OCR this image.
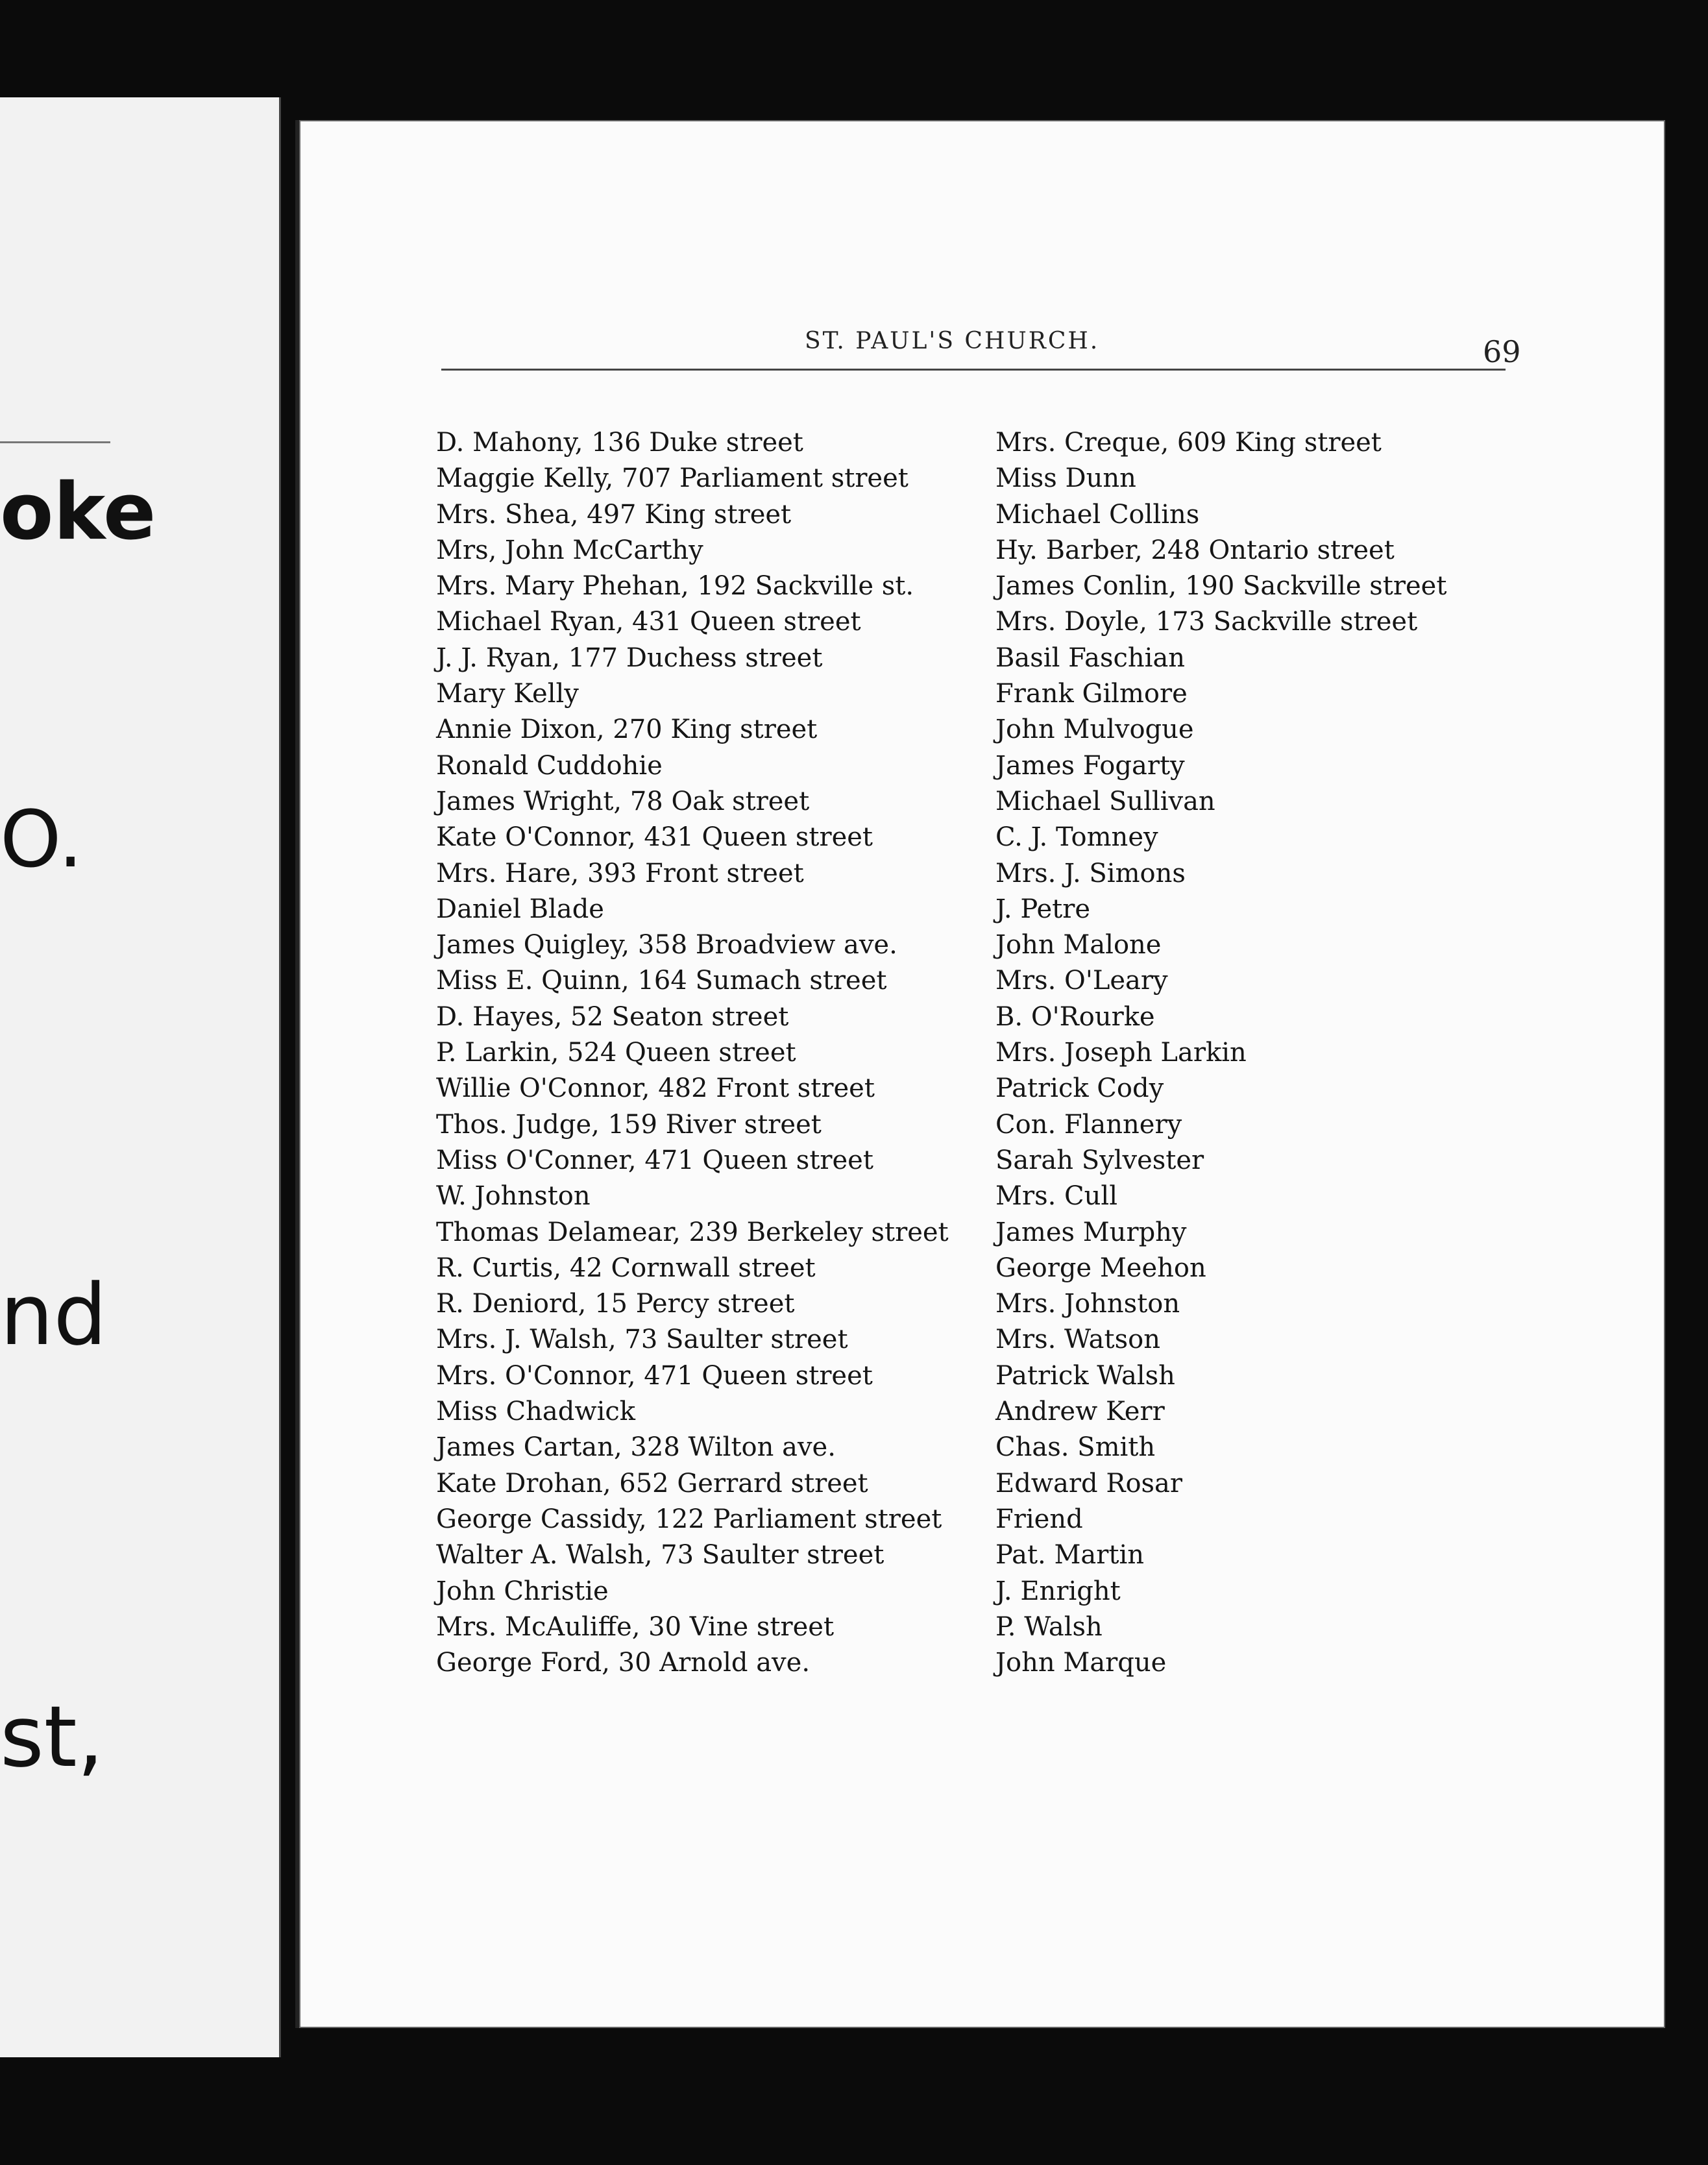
oke
O.
nd
st,
ST. PAUL'S CHURCH.	69
D. Mahony, 136 Duke street
Maggie Kelly, 707 Parliament street
Mrs. Shea, 497 King street
Mrs, John McCarthy
Mrs. Mary Phehan, 192 Sackville st.
Michael Ryan, 431 Queen street
J. J. Ryan, 177 Duchess street
Mary Kelly
Annie Dixon, 270 King street
Ronald Cuddohie
James Wright, 78 Oak street
Kate O'Connor, 431 Queen street
Mrs. Hare, 393 Front street
Daniel Blade
James Quigley, 358 Broadview ave.
Miss E. Quinn, 164 Sumach street
D. Hayes, 52 Seaton street
P. Larkin, 524 Queen street
Willie O'Connor, 482 Front street
Thos. Judge, 159 River street
Miss O'Conner, 471 Queen street
W. Johnston
Thomas Delamear, 239 Berkeley street
R. Curtis, 42 Cornwall street
R. Deniord, 15 Percy street
Mrs. J. Walsh, 73 Saulter street
Mrs. O'Connor, 471 Queen street
Miss Chadwick
James Cartan, 328 Wilton ave.
Kate Drohan, 652 Gerrard street
George Cassidy, 122 Parliament street
Walter A. Walsh, 73 Saulter street
John Christie
Mrs. McAuliffe, 30 Vine street
George Ford, 30 Arnold ave.
Mrs. Creque, 609 King street
Miss Dunn
Michael Collins
Hy. Barber, 248 Ontario street
James Conlin, 190 Sackville street
Mrs. Doyle, 173 Sackville street
Basil Faschian
Frank Gilmore
John Mulvogue
James Fogarty
Michael Sullivan
C. J. Tomney
Mrs. J. Simons
J. Petre
John Malone
Mrs. O'Leary
B. O'Rourke
Mrs. Joseph Larkin
Patrick Cody
Con. Flannery
Sarah Sylvester
Mrs. Cull
James Murphy
George Meehon
Mrs. Johnston
Mrs. Watson
Patrick Walsh
Andrew Kerr
Chas. Smith
Edward Rosar
Friend
Pat. Martin
J. Enright
P. Walsh
John Marque
